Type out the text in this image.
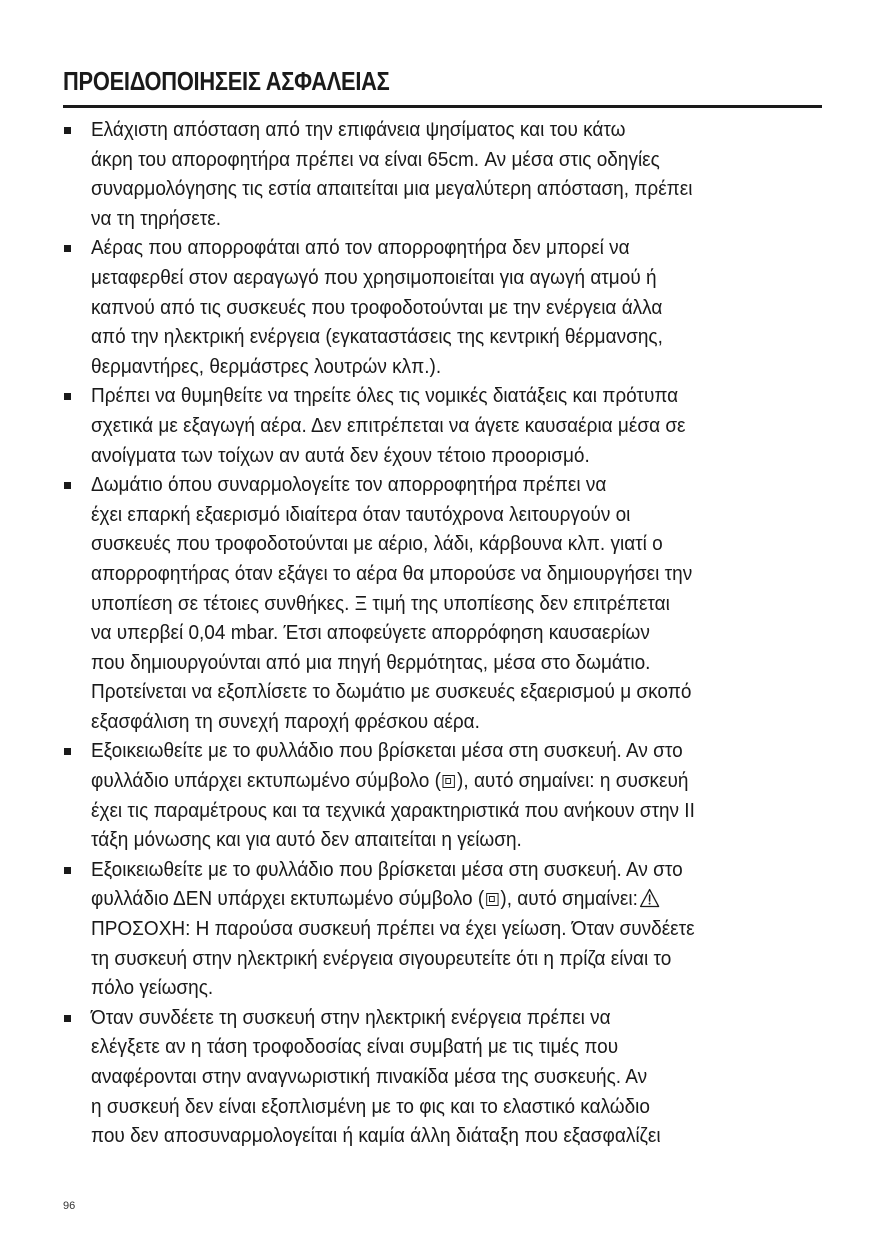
ΠΡΟΕΙΔΟΠΟΙΗΣΕΙΣ ΑΣΦΑΛΕΙΑΣ
Ελάχιστη απόσταση από την επιφάνεια ψησίματος και του κάτω
άκρη του αποροφητήρα πρέπει να είναι 65cm. Αν μέσα στις οδηγίες
συναρμολόγησης τις εστία απαιτείται μια μεγαλύτερη απόσταση, πρέπει
να τη τηρήσετε.
Αέρας που απορροφάται από τον απορροφητήρα δεν μπορεί να
μεταφερθεί στον αεραγωγό που χρησιμοποιείται για αγωγή ατμού ή
καπνού από τις συσκευές που τροφοδοτούνται με την ενέργεια άλλα
από την ηλεκτρική ενέργεια (εγκαταστάσεις της κεντρική θέρμανσης,
θερμαντήρες, θερμάστρες λουτρών κλπ.).
Πρέπει να θυμηθείτε να τηρείτε όλες τις νομικές διατάξεις και πρότυπα
σχετικά με εξαγωγή αέρα. Δεν επιτρέπεται να άγετε καυσαέρια μέσα σε
ανοίγματα των τοίχων αν αυτά δεν έχουν τέτοιο προορισμό.
Δωμάτιο όπου συναρμολογείτε τον απορροφητήρα πρέπει να
έχει επαρκή εξαερισμό ιδιαίτερα όταν ταυτόχρονα λειτουργούν οι
συσκευές που τροφοδοτούνται με αέριο, λάδι, κάρβουνα κλπ. γιατί ο
απορροφητήρας όταν εξάγει το αέρα θα μπορούσε να δημιουργήσει την
υποπίεση σε τέτοιες συνθήκες. Ξ τιμή της υποπίεσης δεν επιτρέπεται
να υπερβεί 0,04 mbar. Έτσι αποφεύγετε απορρόφηση καυσαερίων
που δημιουργούνται από μια πηγή θερμότητας, μέσα στο δωμάτιο.
Προτείνεται να εξοπλίσετε το δωμάτιο με συσκευές εξαερισμού μ σκοπό
εξασφάλιση τη συνεχή παροχή φρέσκου αέρα.
Εξοικειωθείτε με το φυλλάδιο που βρίσκεται μέσα στη συσκευή. Αν στο
φυλλάδιο υπάρχει εκτυπωμένο σύμβολο ( ), αυτό σημαίνει: η συσκευή
έχει τις παραμέτρους και τα τεχνικά χαρακτηριστικά που ανήκουν στην II
τάξη μόνωσης και για αυτό δεν απαιτείται η γείωση.
Εξοικειωθείτε με το φυλλάδιο που βρίσκεται μέσα στη συσκευή. Αν στο
φυλλάδιο ΔΕΝ υπάρχει εκτυπωμένο σύμβολο ( ), αυτό σημαίνει:
ΠΡΟΣΟΧΗ: Η παρούσα συσκευή πρέπει να έχει γείωση. Όταν συνδέετε
τη συσκευή στην ηλεκτρική ενέργεια σιγουρευτείτε ότι η πρίζα είναι το
πόλο γείωσης.
Όταν συνδέετε τη συσκευή στην ηλεκτρική ενέργεια πρέπει να
ελέγξετε αν η τάση τροφοδοσίας είναι συμβατή με τις τιμές που
αναφέρονται στην αναγνωριστική πινακίδα μέσα της συσκευής. Αν
η συσκευή δεν είναι εξοπλισμένη με το φις και το ελαστικό καλώδιο
που δεν αποσυναρμολογείται ή καμία άλλη διάταξη που εξασφαλίζει
96
